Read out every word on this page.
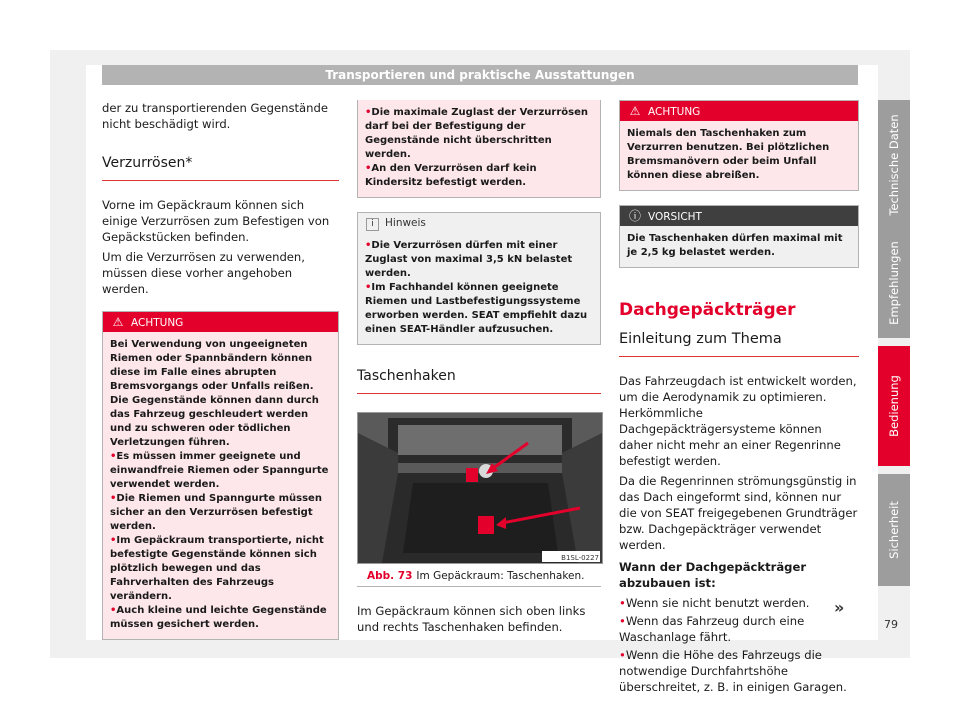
Transportieren und praktische Ausstattungen

der zu transportierenden Gegenstände nicht beschädigt wird.

Verzurrösen*

Vorne im Gepäckraum können sich einige Verzurrösen zum Befestigen von Gepäckstücken befinden.

Um die Verzurrösen zu verwenden, müssen diese vorher angehoben werden.

⚠ ACHTUNG
Bei Verwendung von ungeeigneten Riemen oder Spannbändern können diese im Falle eines abrupten Bremsvorgangs oder Unfalls reißen. Die Gegenstände können dann durch das Fahrzeug geschleudert werden und zu schweren oder tödlichen Verletzungen führen.
• Es müssen immer geeignete und einwandfreie Riemen oder Spanngurte verwendet werden.
• Die Riemen und Spanngurte müssen sicher an den Verzurrösen befestigt werden.
• Im Gepäckraum transportierte, nicht befestigte Gegenstände können sich plötzlich bewegen und das Fahrverhalten des Fahrzeugs verändern.
• Auch kleine und leichte Gegenstände müssen gesichert werden.
• Die maximale Zuglast der Verzurrösen darf bei der Befestigung der Gegenstände nicht überschritten werden.
• An den Verzurrösen darf kein Kindersitz befestigt werden.
i Hinweis
• Die Verzurrösen dürfen mit einer Zuglast von maximal 3,5 kN belastet werden.
• Im Fachhandel können geeignete Riemen und Lastbefestigungssysteme erworben werden. SEAT empfiehlt dazu einen SEAT-Händler aufzusuchen.
Taschenhaken
B1SL-0227
Abb. 73 Im Gepäckraum: Taschenhaken.

Im Gepäckraum können sich oben links und rechts Taschenhaken befinden.

⚠ ACHTUNG
Niemals den Taschenhaken zum Verzurren benutzen. Bei plötzlichen Bremsmanövern oder beim Unfall können diese abreißen.
ⓘ VORSICHT
Die Taschenhaken dürfen maximal mit je 2,5 kg belastet werden.
Dachgepäckträger
Einleitung zum Thema

Das Fahrzeugdach ist entwickelt worden, um die Aerodynamik zu optimieren. Herkömmliche Dachgepäckträgersysteme können daher nicht mehr an einer Regenrinne befestigt werden.

Da die Regenrinnen strömungsgünstig in das Dach eingeformt sind, können nur die von SEAT freigegebenen Grundträger bzw. Dachgepäckträger verwendet werden.

Wann der Dachgepäckträger abzubauen ist:

• Wenn sie nicht benutzt werden.

• Wenn das Fahrzeug durch eine Waschanlage fährt.

• Wenn die Höhe des Fahrzeugs die notwendige Durchfahrtshöhe überschreitet, z. B. in einigen Garagen.

»
Technische Daten
Empfehlungen
Bedienung
Sicherheit
79
